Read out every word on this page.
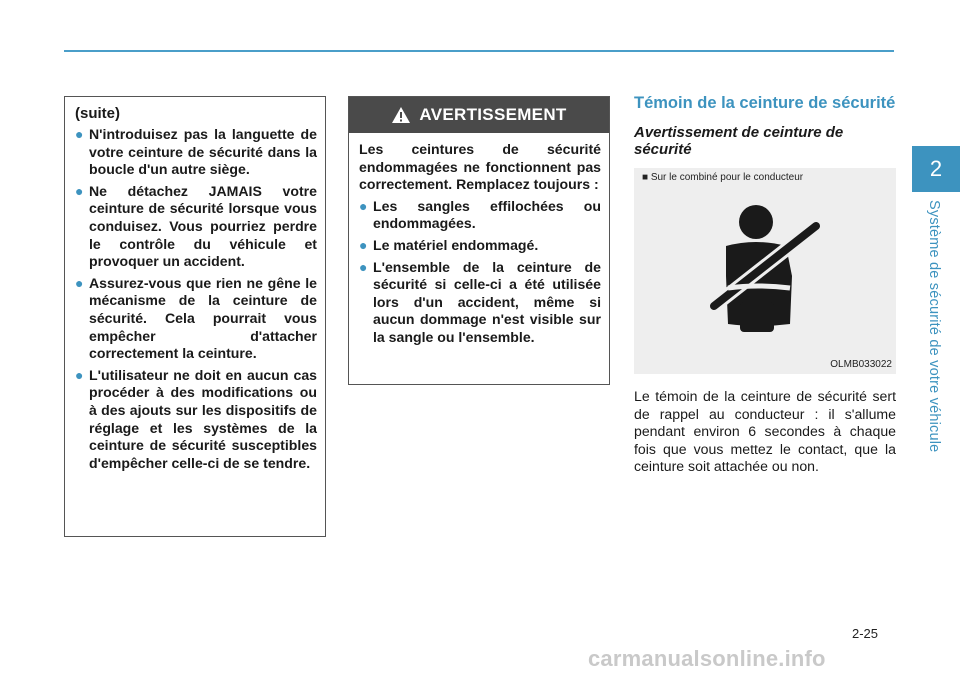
2
Système de sécurité de votre véhicule

(suite)

● N'introduisez pas la languette de votre ceinture de sécurité dans la boucle d'un autre siège.
● Ne détachez JAMAIS votre ceinture de sécurité lorsque vous conduisez. Vous pourriez perdre le contrôle du véhicule et provoquer un accident.
● Assurez-vous que rien ne gêne le mécanisme de la ceinture de sécurité. Cela pourrait vous empêcher d'attacher correctement la ceinture.
● L'utilisateur ne doit en aucun cas procéder à des modifications ou à des ajouts sur les dispositifs de réglage et les systèmes de la ceinture de sécurité susceptibles d'empêcher celle-ci de se tendre.
AVERTISSEMENT

Les ceintures de sécurité endommagées ne fonctionnent pas correctement. Remplacez toujours :

● Les sangles effilochées ou endommagées.
● Le matériel endommagé.
● L'ensemble de la ceinture de sécurité si celle-ci a été utilisée lors d'un accident, même si aucun dommage n'est visible sur la sangle ou l'ensemble.
Témoin de la ceinture de sécurité
Avertissement de ceinture de sécurité
■ Sur le combiné pour le conducteur
OLMB033022

Le témoin de la ceinture de sécurité sert de rappel au conducteur : il s'allume pendant environ 6 secondes à chaque fois que vous mettez le contact, que la ceinture soit attachée ou non.

2-25
carmanualsonline.info
